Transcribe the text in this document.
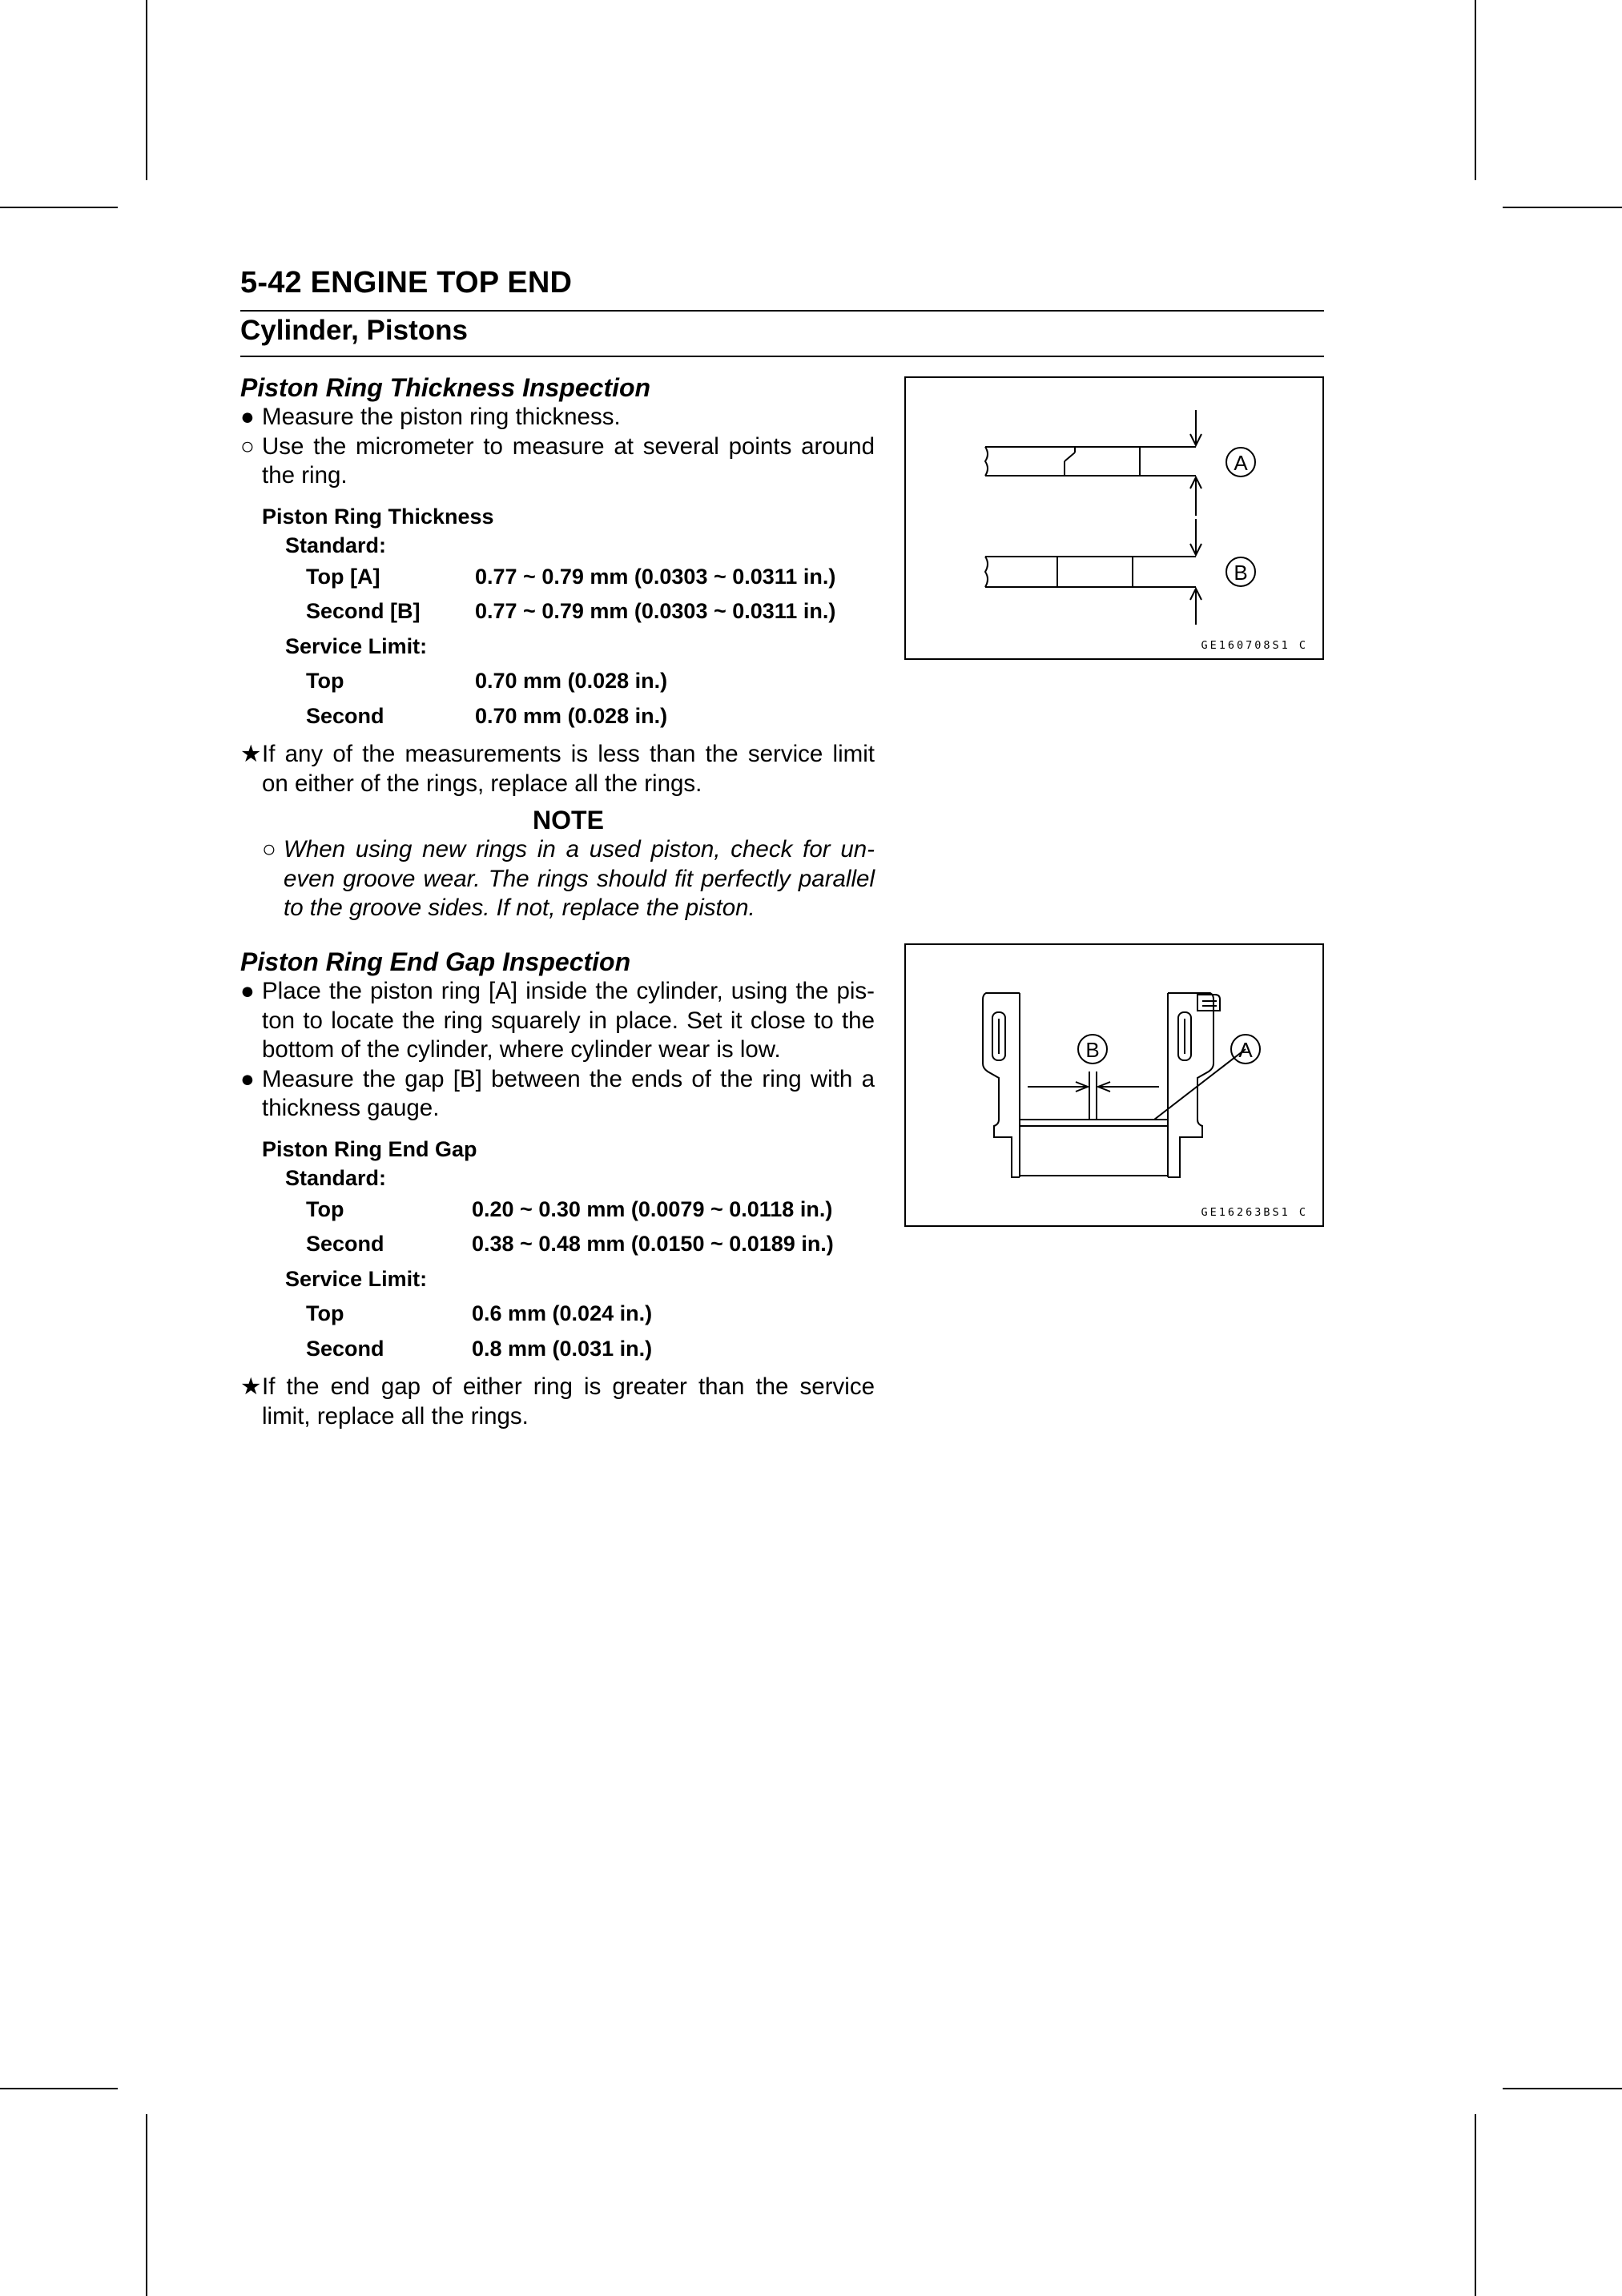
5-42 ENGINE TOP END
Cylinder, Pistons
Piston Ring Thickness Inspection
● Measure the piston ring thickness.
○ Use the micrometer to measure at several points around the ring.
Piston Ring Thickness
Standard:
Top [A]	0.77 ~ 0.79 mm (0.0303 ~ 0.0311 in.)
Second [B]	0.77 ~ 0.79 mm (0.0303 ~ 0.0311 in.)
Service Limit:
Top	0.70 mm (0.028 in.)
Second	0.70 mm (0.028 in.)
★ If any of the measurements is less than the service limit on either of the rings, replace all the rings.
NOTE
○ When using new rings in a used piston, check for un-even groove wear. The rings should fit perfectly parallel to the groove sides. If not, replace the piston.
Piston Ring End Gap Inspection
● Place the piston ring [A] inside the cylinder, using the pis-ton to locate the ring squarely in place. Set it close to the bottom of the cylinder, where cylinder wear is low.
● Measure the gap [B] between the ends of the ring with a thickness gauge.
Piston Ring End Gap
Standard:
Top	0.20 ~ 0.30 mm (0.0079 ~ 0.0118 in.)
Second	0.38 ~ 0.48 mm (0.0150 ~ 0.0189 in.)
Service Limit:
Top	0.6 mm (0.024 in.)
Second	0.8 mm (0.031 in.)
★ If the end gap of either ring is greater than the service limit, replace all the rings.
A
B
GE160708S1 C
B	A
GE16263BS1 C
